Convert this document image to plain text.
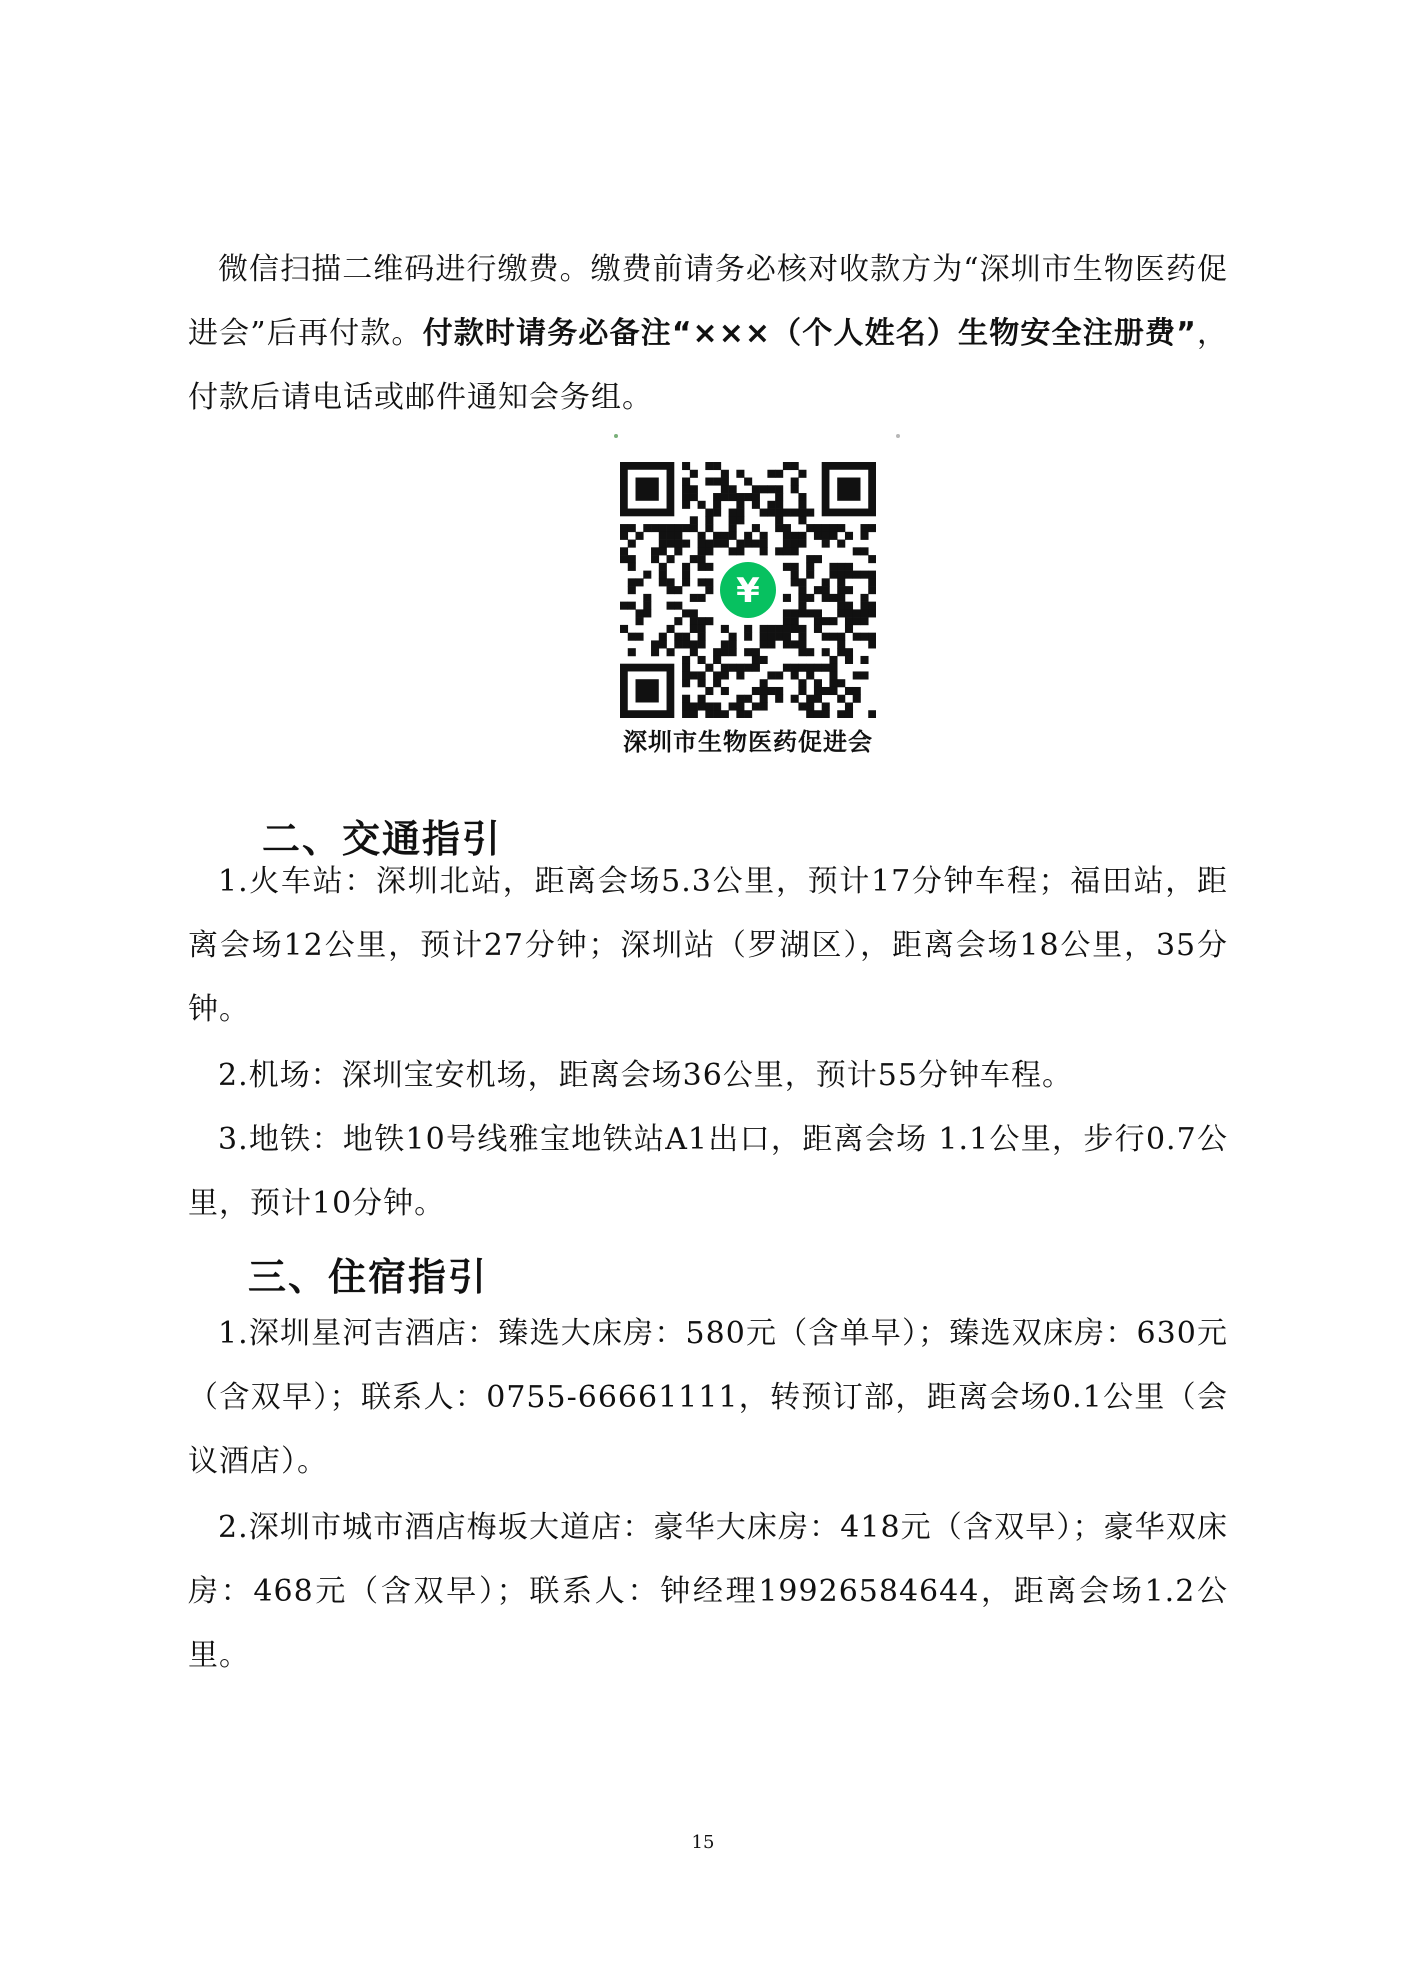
微信扫描二维码进行缴费。缴费前请务必核对收款方为“深圳市生物医药促进会”后再付款。付款时请务必备注“×××（个人姓名）生物安全注册费”，付款后请电话或邮件通知会务组。

¥

深圳市生物医药促进会

二、交通指引

1.火车站：深圳北站，距离会场5.3公里，预计17分钟车程；福田站，距离会场12公里，预计27分钟；深圳站（罗湖区），距离会场18公里，35分钟。

2.机场：深圳宝安机场，距离会场36公里，预计55分钟车程。

3.地铁：地铁10号线雅宝地铁站A1出口，距离会场 1.1公里，步行0.7公里，预计10分钟。

三、住宿指引

1.深圳星河吉酒店：臻选大床房：580元（含单早）；臻选双床房：630元（含双早）；联系人：0755-66661111，转预订部，距离会场0.1公里（会议酒店）。

2.深圳市城市酒店梅坂大道店：豪华大床房：418元（含双早）；豪华双床房：468元（含双早）；联系人：钟经理19926584644，距离会场1.2公里。

15
